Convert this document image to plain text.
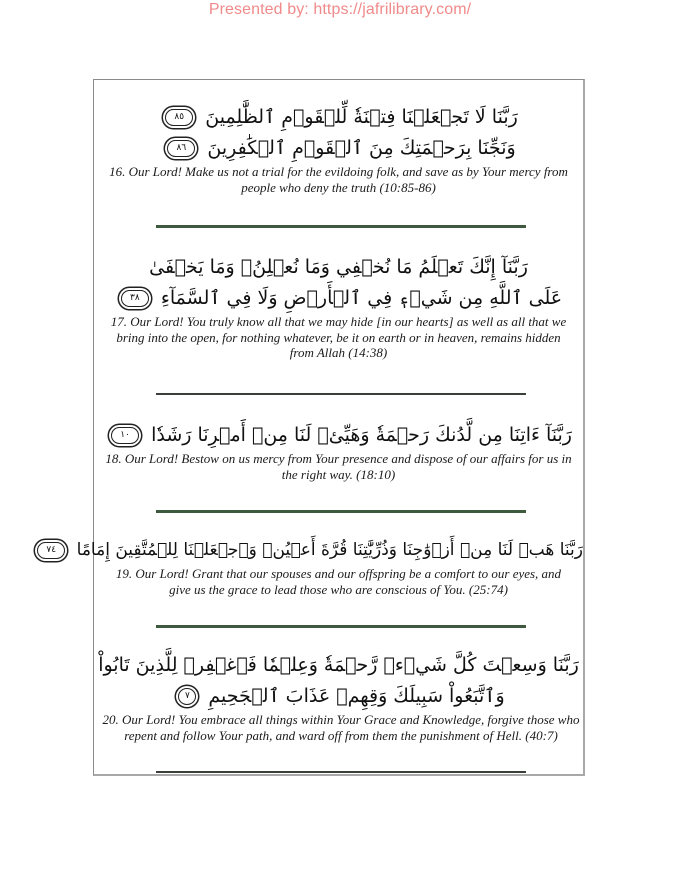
Presented by: https://jafrilibrary.com/
رَبَّنَا لَا تَجۡعَلۡنَا فِتۡنَةٗ لِّلۡقَوۡمِ ٱلظَّٰلِمِينَ ٨٥
وَنَجِّنَا بِرَحۡمَتِكَ مِنَ ٱلۡقَوۡمِ ٱلۡكَٰفِرِينَ ٨٦
16. Our Lord! Make us not a trial for the evildoing folk, and save as by Your mercy from people who deny the truth (10:85-86)
رَبَّنَآ إِنَّكَ تَعۡلَمُ مَا نُخۡفِي وَمَا نُعۡلِنُۗ وَمَا يَخۡفَىٰ
عَلَى ٱللَّهِ مِن شَيۡءٖ فِي ٱلۡأَرۡضِ وَلَا فِي ٱلسَّمَآءِ ٣٨
17. Our Lord! You truly know all that we may hide [in our hearts] as well as all that we bring into the open, for nothing whatever, be it on earth or in heaven, remains hidden from Allah (14:38)
رَبَّنَآ ءَاتِنَا مِن لَّدُنكَ رَحۡمَةٗ وَهَيِّئۡ لَنَا مِنۡ أَمۡرِنَا رَشَدٗا ١٠
18. Our Lord! Bestow on us mercy from Your presence and dispose of our affairs for us in the right way. (18:10)
رَبَّنَا هَبۡ لَنَا مِنۡ أَزۡوَٰجِنَا وَذُرِّيَّٰتِنَا قُرَّةَ أَعۡيُنٖ وَٱجۡعَلۡنَا لِلۡمُتَّقِينَ إِمَامًا ٧٤
19. Our Lord! Grant that our spouses and our offspring be a comfort to our eyes, and give us the grace to lead those who are conscious of You. (25:74)
رَبَّنَا وَسِعۡتَ كُلَّ شَيۡءٖ رَّحۡمَةٗ وَعِلۡمٗا فَٱغۡفِرۡ لِلَّذِينَ تَابُواْ
وَٱتَّبَعُواْ سَبِيلَكَ وَقِهِمۡ عَذَابَ ٱلۡجَحِيمِ ٧
20. Our Lord! You embrace all things within Your Grace and Knowledge, forgive those who repent and follow Your path, and ward off from them the punishment of Hell. (40:7)
